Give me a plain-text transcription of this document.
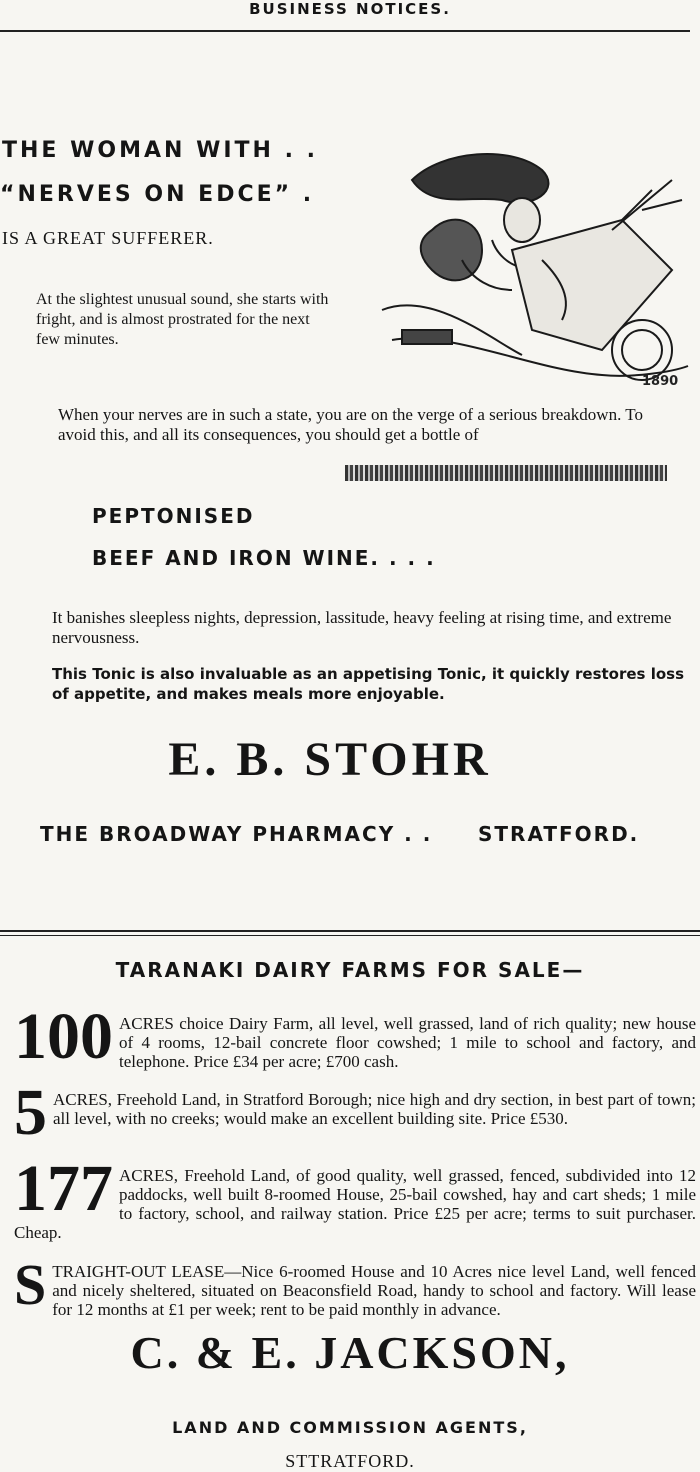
BUSINESS NOTICES.
THE WOMAN WITH . .
“NERVES ON EDCE” .
IS A GREAT SUFFERER.
At the slightest unusual sound, she starts with fright, and is almost prostrated for the next few minutes.
1890
When your nerves are in such a state, you are on the verge of a serious breakdown. To avoid this, and all its consequences, you should get a bottle of
PEPTONISED
BEEF AND IRON WINE. . . .
It banishes sleepless nights, depression, lassitude, heavy feeling at rising time, and extreme nervousness.
This Tonic is also invaluable as an appetising Tonic, it quickly restores loss of appetite, and makes meals more enjoyable.
E. B. STOHR
THE BROADWAY PHARMACY . . STRATFORD.
TARANAKI DAIRY FARMS FOR SALE—
100 ACRES choice Dairy Farm, all level, well grassed, land of rich quality; new house of 4 rooms, 12-bail concrete floor cowshed; 1 mile to school and factory, and telephone. Price £34 per acre; £700 cash.
5 ACRES, Freehold Land, in Stratford Borough; nice high and dry section, in best part of town; all level, with no creeks; would make an excellent building site. Price £530.
177 ACRES, Freehold Land, of good quality, well grassed, fenced, subdivided into 12 paddocks, well built 8-roomed House, 25-bail cowshed, hay and cart sheds; 1 mile to factory, school, and railway station. Price £25 per acre; terms to suit purchaser. Cheap.
S TRAIGHT-OUT LEASE—Nice 6-roomed House and 10 Acres nice level Land, well fenced and nicely sheltered, situated on Beaconsfield Road, handy to school and factory. Will lease for 12 months at £1 per week; rent to be paid monthly in advance.
C. & E. JACKSON,
LAND AND COMMISSION AGENTS,
STTRATFORD.
